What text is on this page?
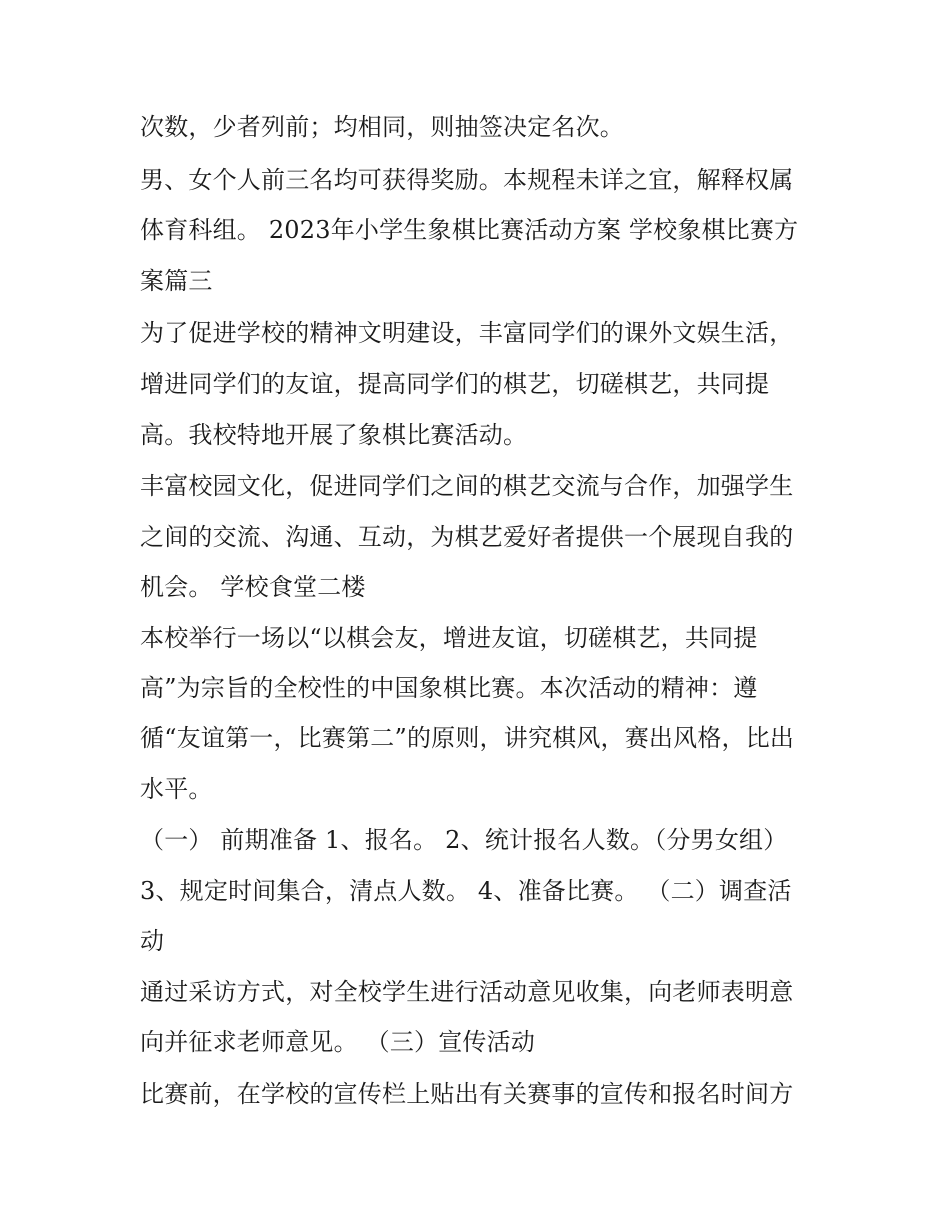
次数，少者列前；均相同，则抽签决定名次。
男、女个人前三名均可获得奖励。本规程未详之宜，解释权属
体育科组。 2023年小学生象棋比赛活动方案 学校象棋比赛方
案篇三
为了促进学校的精神文明建设，丰富同学们的课外文娱生活，
增进同学们的友谊，提高同学们的棋艺，切磋棋艺，共同提
高。我校特地开展了象棋比赛活动。
丰富校园文化，促进同学们之间的棋艺交流与合作，加强学生
之间的交流、沟通、互动，为棋艺爱好者提供一个展现自我的
机会。 学校食堂二楼
本校举行一场以“以棋会友，增进友谊，切磋棋艺，共同提
高”为宗旨的全校性的中国象棋比赛。本次活动的精神：遵
循“友谊第一，比赛第二”的原则，讲究棋风，赛出风格，比出
水平。
（一） 前期准备 1、报名。 2、统计报名人数。（分男女组）
3、规定时间集合，清点人数。 4、准备比赛。 （二）调查活
动
通过采访方式，对全校学生进行活动意见收集，向老师表明意
向并征求老师意见。 （三）宣传活动
比赛前，在学校的宣传栏上贴出有关赛事的宣传和报名时间方
